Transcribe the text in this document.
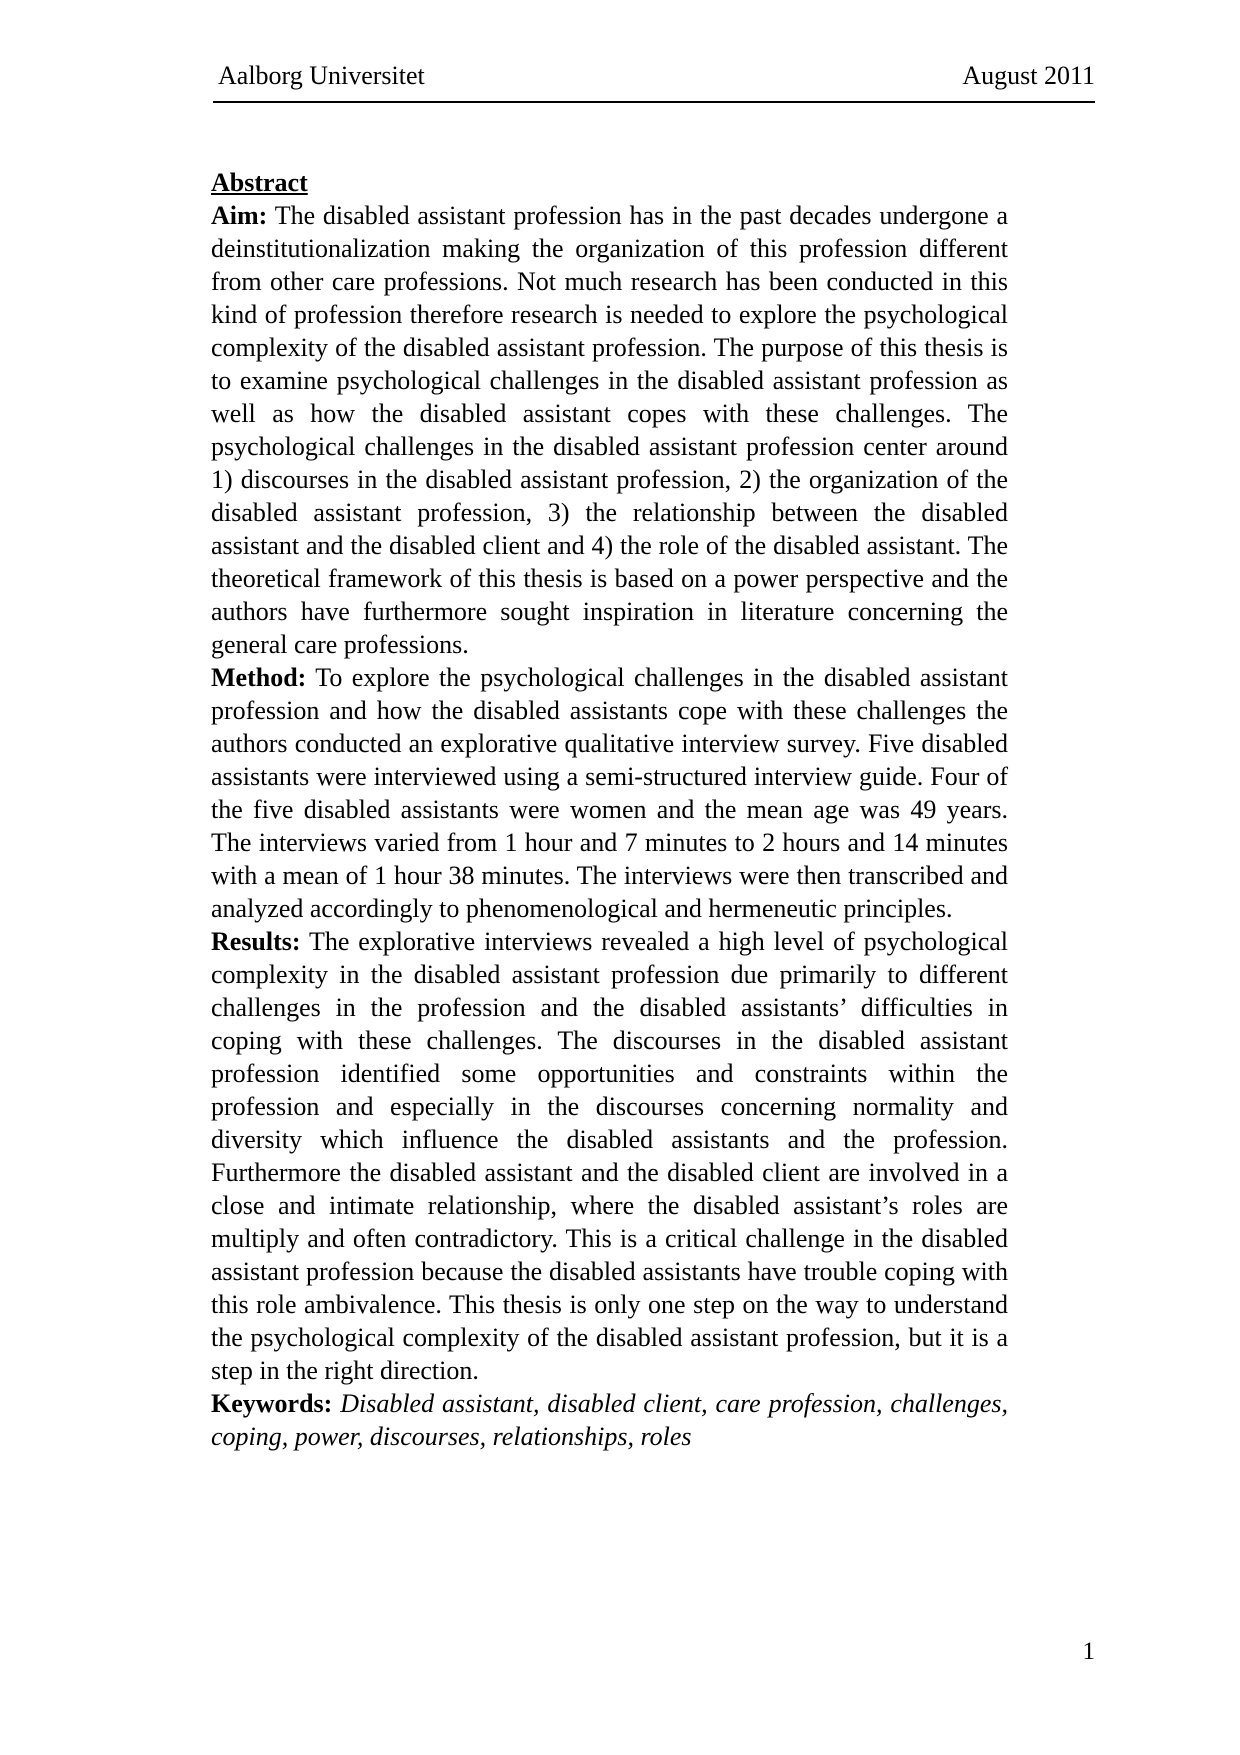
Aalborg Universitet	August 2011

Abstract

Aim: The disabled assistant profession has in the past decades undergone a deinstitutionalization making the organization of this profession different from other care professions. Not much research has been conducted in this kind of profession therefore research is needed to explore the psychological complexity of the disabled assistant profession. The purpose of this thesis is to examine psychological challenges in the disabled assistant profession as well as how the disabled assistant copes with these challenges. The psychological challenges in the disabled assistant profession center around 1) discourses in the disabled assistant profession, 2) the organization of the disabled assistant profession, 3) the relationship between the disabled assistant and the disabled client and 4) the role of the disabled assistant. The theoretical framework of this thesis is based on a power perspective and the authors have furthermore sought inspiration in literature concerning the general care professions.

Method: To explore the psychological challenges in the disabled assistant profession and how the disabled assistants cope with these challenges the authors conducted an explorative qualitative interview survey. Five disabled assistants were interviewed using a semi-structured interview guide. Four of the five disabled assistants were women and the mean age was 49 years. The interviews varied from 1 hour and 7 minutes to 2 hours and 14 minutes with a mean of 1 hour 38 minutes. The interviews were then transcribed and analyzed accordingly to phenomenological and hermeneutic principles.

Results: The explorative interviews revealed a high level of psychological complexity in the disabled assistant profession due primarily to different challenges in the profession and the disabled assistants’ difficulties in coping with these challenges. The discourses in the disabled assistant profession identified some opportunities and constraints within the profession and especially in the discourses concerning normality and diversity which influence the disabled assistants and the profession. Furthermore the disabled assistant and the disabled client are involved in a close and intimate relationship, where the disabled assistant’s roles are multiply and often contradictory. This is a critical challenge in the disabled assistant profession because the disabled assistants have trouble coping with this role ambivalence. This thesis is only one step on the way to understand the psychological complexity of the disabled assistant profession, but it is a step in the right direction.

Keywords: Disabled assistant, disabled client, care profession, challenges, coping, power, discourses, relationships, roles

1
